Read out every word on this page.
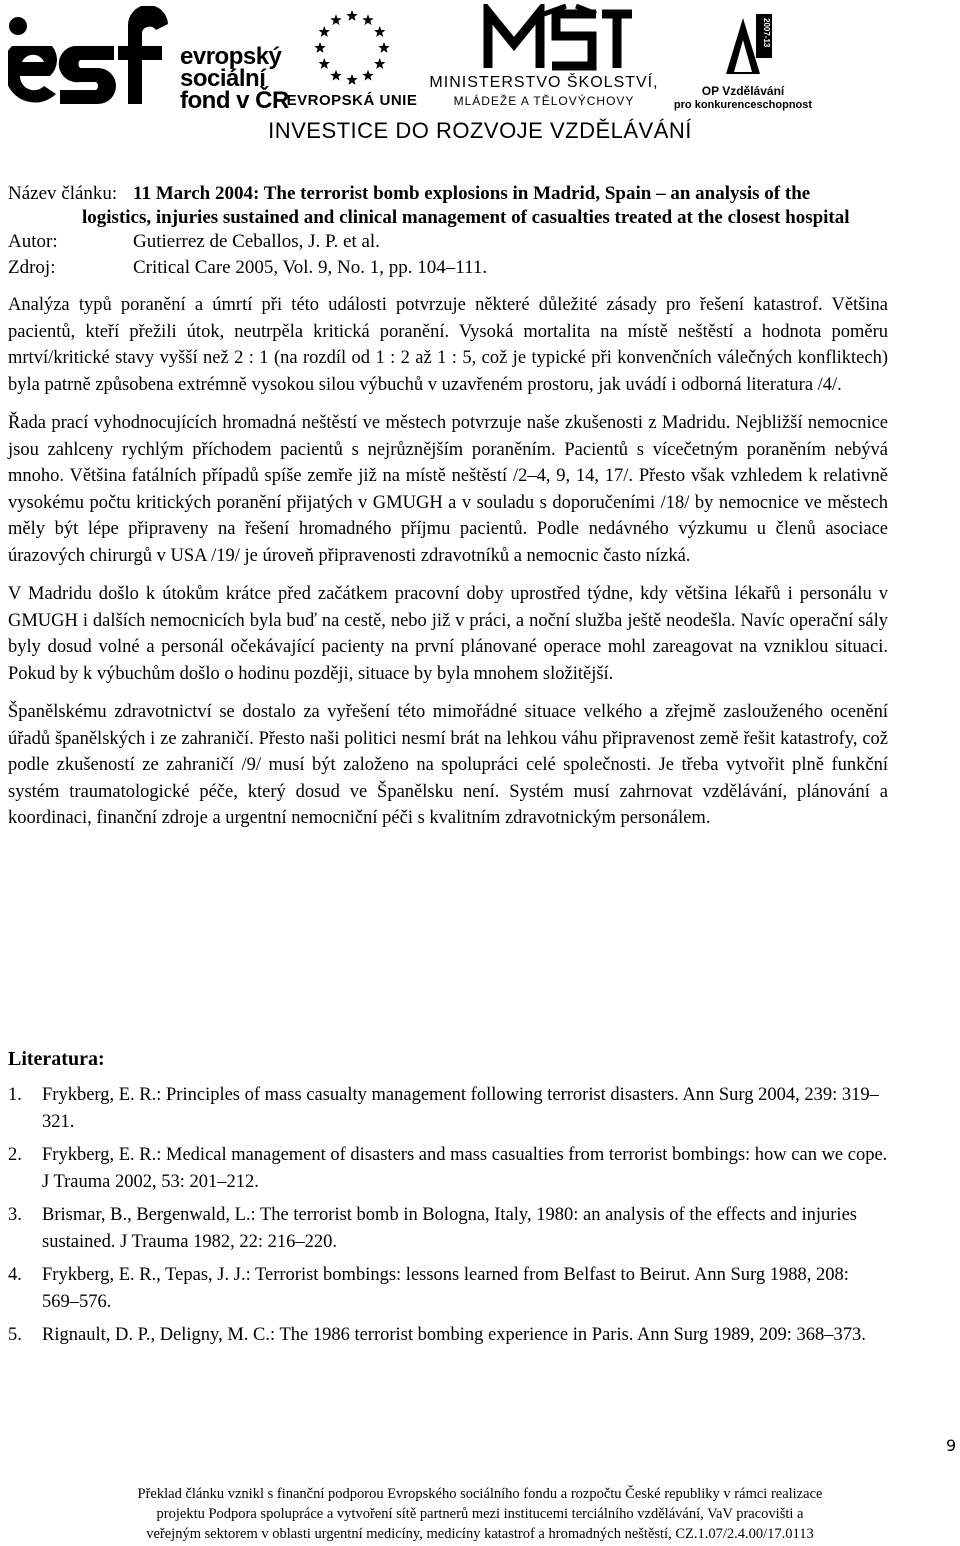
evropský
sociální
fond v ČR
EVROPSKÁ UNIE
MINISTERSTVO ŠKOLSTVÍ,
MLÁDEŽE A TĚLOVÝCHOVY
2007-13
OP Vzdělávání
pro konkurenceschopnost
INVESTICE DO ROZVOJE VZDĚLÁVÁNÍ
Název článku: 11 March 2004: The terrorist bomb explosions in Madrid, Spain – an analysis of the
logistics, injuries sustained and clinical management of casualties treated at the closest hospital
Autor:	Gutierrez de Ceballos, J. P. et al.
Zdroj:	Critical Care 2005, Vol. 9, No. 1, pp. 104–111.

Analýza typů poranění a úmrtí při této události potvrzuje některé důležité zásady pro řešení katastrof. Většina pacientů, kteří přežili útok, neutrpěla kritická poranění. Vysoká mortalita na místě neštěstí a hodnota poměru mrtví/kritické stavy vyšší než 2 : 1 (na rozdíl od 1 : 2 až 1 : 5, což je typické při konvenčních válečných konfliktech) byla patrně způsobena extrémně vysokou silou výbuchů v uzavřeném prostoru, jak uvádí i odborná literatura /4/.

Řada prací vyhodnocujících hromadná neštěstí ve městech potvrzuje naše zkušenosti z Madridu. Nejbližší nemocnice jsou zahlceny rychlým příchodem pacientů s nejrůznějším poraněním. Pacientů s vícečetným poraněním nebývá mnoho. Většina fatálních případů spíše zemře již na místě neštěstí /2–4, 9, 14, 17/. Přesto však vzhledem k relativně vysokému počtu kritických poranění přijatých v GMUGH a v souladu s doporučeními /18/ by nemocnice ve městech měly být lépe připraveny na řešení hromadného příjmu pacientů. Podle nedávného výzkumu u členů asociace úrazových chirurgů v USA /19/ je úroveň připravenosti zdravotníků a nemocnic často nízká.

V Madridu došlo k útokům krátce před začátkem pracovní doby uprostřed týdne, kdy většina lékařů i personálu v GMUGH i dalších nemocnicích byla buď na cestě, nebo již v práci, a noční služba ještě neodešla. Navíc operační sály byly dosud volné a personál očekávající pacienty na první plánované operace mohl zareagovat na vzniklou situaci. Pokud by k výbuchům došlo o hodinu později, situace by byla mnohem složitější.

Španělskému zdravotnictví se dostalo za vyřešení této mimořádné situace velkého a zřejmě zaslouženého ocenění úřadů španělských i ze zahraničí. Přesto naši politici nesmí brát na lehkou váhu připravenost země řešit katastrofy, což podle zkušeností ze zahraničí /9/ musí být založeno na spolupráci celé společnosti. Je třeba vytvořit plně funkční systém traumatologické péče, který dosud ve Španělsku není. Systém musí zahrnovat vzdělávání, plánování a koordinaci, finanční zdroje a urgentní nemocniční péči s kvalitním zdravotnickým personálem.

Literatura:
1. Frykberg, E. R.: Principles of mass casualty management following terrorist disasters. Ann Surg 2004, 239: 319–321.
2. Frykberg, E. R.: Medical management of disasters and mass casualties from terrorist bombings: how can we cope. J Trauma 2002, 53: 201–212.
3. Brismar, B., Bergenwald, L.: The terrorist bomb in Bologna, Italy, 1980: an analysis of the effects and injuries sustained. J Trauma 1982, 22: 216–220.
4. Frykberg, E. R., Tepas, J. J.: Terrorist bombings: lessons learned from Belfast to Beirut. Ann Surg 1988, 208: 569–576.
5. Rignault, D. P., Deligny, M. C.: The 1986 terrorist bombing experience in Paris. Ann Surg 1989, 209: 368–373.
9
Překlad článku vznikl s finanční podporou Evropského sociálního fondu a rozpočtu České republiky v rámci realizace
projektu Podpora spolupráce a vytvoření sítě partnerů mezi institucemi terciálního vzdělávání, VaV pracovišti a
veřejným sektorem v oblasti urgentní medicíny, medicíny katastrof a hromadných neštěstí, CZ.1.07/2.4.00/17.0113
